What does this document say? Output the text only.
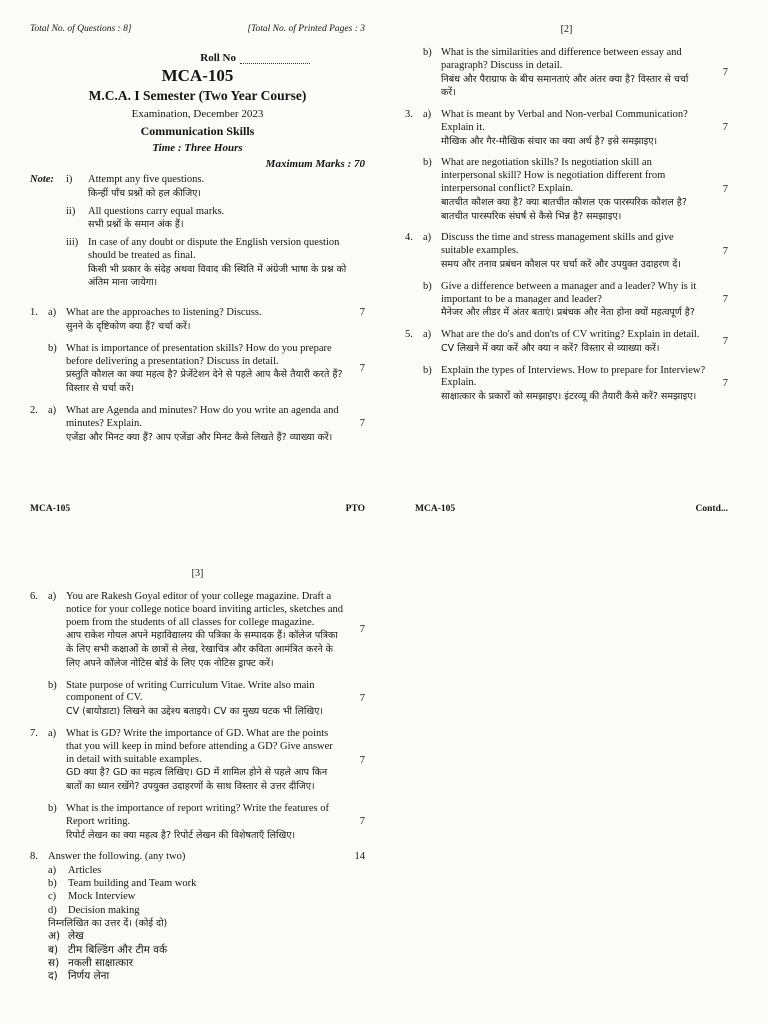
Total No. of Questions : 8]	[Total No. of Printed Pages : 3
Roll No
MCA-105
M.C.A. I Semester (Two Year Course)
Examination, December 2023
Communication Skills
Time : Three Hours
Maximum Marks : 70
Note:	i)	Attempt any five questions.
किन्हीं पाँच प्रश्नों को हल कीजिए।
ii)	All questions carry equal marks.
सभी प्रश्नों के समान अंक हैं।
iii) In case of any doubt or dispute the English version question should be treated as final.
किसी भी प्रकार के संदेह अथवा विवाद की स्थिति में अंग्रेजी भाषा के प्रश्न को अंतिम माना जायेगा।
1. a) What are the approaches to listening? Discuss.
सुनने के दृष्टिकोण क्या हैं? चर्चा करें।
7
b) What is importance of presentation skills? How do you prepare before delivering a presentation? Discuss in detail.
प्रस्तुति कौशल का क्या महत्व है? प्रेजेंटेशन देने से पहले आप कैसे तैयारी करते हैं? विस्तार से चर्चा करें।
7
2. a) What are Agenda and minutes? How do you write an agenda and minutes? Explain.
एजेंडा और मिनट क्या हैं? आप एजेंडा और मिनट कैसे लिखते हैं? व्याख्या करें।
7
MCA-105	PTO
[2]
b) What is the similarities and difference between essay and paragraph? Discuss in detail.
निबंध और पैराग्राफ के बीच समानताएं और अंतर क्या है? विस्तार से चर्चा करें।
7
3. a) What is meant by Verbal and Non-verbal Communication? Explain it.
मौखिक और गैर-मौखिक संचार का क्या अर्थ है? इसे समझाइए।
7
b) What are negotiation skills? Is negotiation skill an interpersonal skill? How is negotiation different from interpersonal conflict? Explain.
बातचीत कौशल क्या है? क्या बातचीत कौशल एक पारस्परिक कौशल है? बातचीत पारस्परिक संघर्ष से कैसे भिन्न है? समझाइए।
7
4. a) Discuss the time and stress management skills and give suitable examples.
समय और तनाव प्रबंधन कौशल पर चर्चा करें और उपयुक्त उदाहरण दें।
7
b) Give a difference between a manager and a leader? Why is it important to be a manager and leader?
मैनेजर और लीडर में अंतर बताएं। प्रबंधक और नेता होना क्यों महत्वपूर्ण है?
7
5. a) What are the do's and don'ts of CV writing? Explain in detail.
CV लिखने में क्या करें और क्या न करें? विस्तार से व्याख्या करें।
7
b) Explain the types of Interviews. How to prepare for Interview? Explain.
साक्षात्कार के प्रकारों को समझाइए। इंटरव्यू की तैयारी कैसे करें? समझाइए।
7
MCA-105	Contd...
[3]
6. a) You are Rakesh Goyal editor of your college magazine. Draft a notice for your college notice board inviting articles, sketches and poem from the students of all classes for college magazine.
आप राकेश गोयल अपने महाविद्यालय की पत्रिका के सम्पादक हैं। कॉलेज पत्रिका के लिए सभी कक्षाओं के छात्रों से लेख, रेखाचित्र और कविता आमंत्रित करने के लिए अपने कॉलेज नोटिस बोर्ड के लिए एक नोटिस ड्राफ्ट करें।
7
b) State purpose of writing Curriculum Vitae. Write also main component of CV.
CV (बायोडाटा) लिखने का उद्देश्य बताइये। CV का मुख्य घटक भी लिखिए।
7
7. a) What is GD? Write the importance of GD. What are the points that you will keep in mind before attending a GD? Give answer in detail with suitable examples.
GD क्या है? GD का महत्व लिखिए। GD में शामिल होने से पहले आप किन बातों का ध्यान रखेंगे? उपयुक्त उदाहरणों के साथ विस्तार से उत्तर दीजिए।
7
b) What is the importance of report writing? Write the features of Report writing.
रिपोर्ट लेखन का क्या महत्व है? रिपोर्ट लेखन की विशेषताएँ लिखिए।
7
8. Answer the following. (any two)
a)	Articles
b)	Team building and Team work
c)	Mock Interview
d)	Decision making
निम्नलिखित का उत्तर दें। (कोई दो)
अ) लेख
ब) टीम बिल्डिंग और टीम वर्क
स) नकली साक्षात्कार
द) निर्णय लेना
14
